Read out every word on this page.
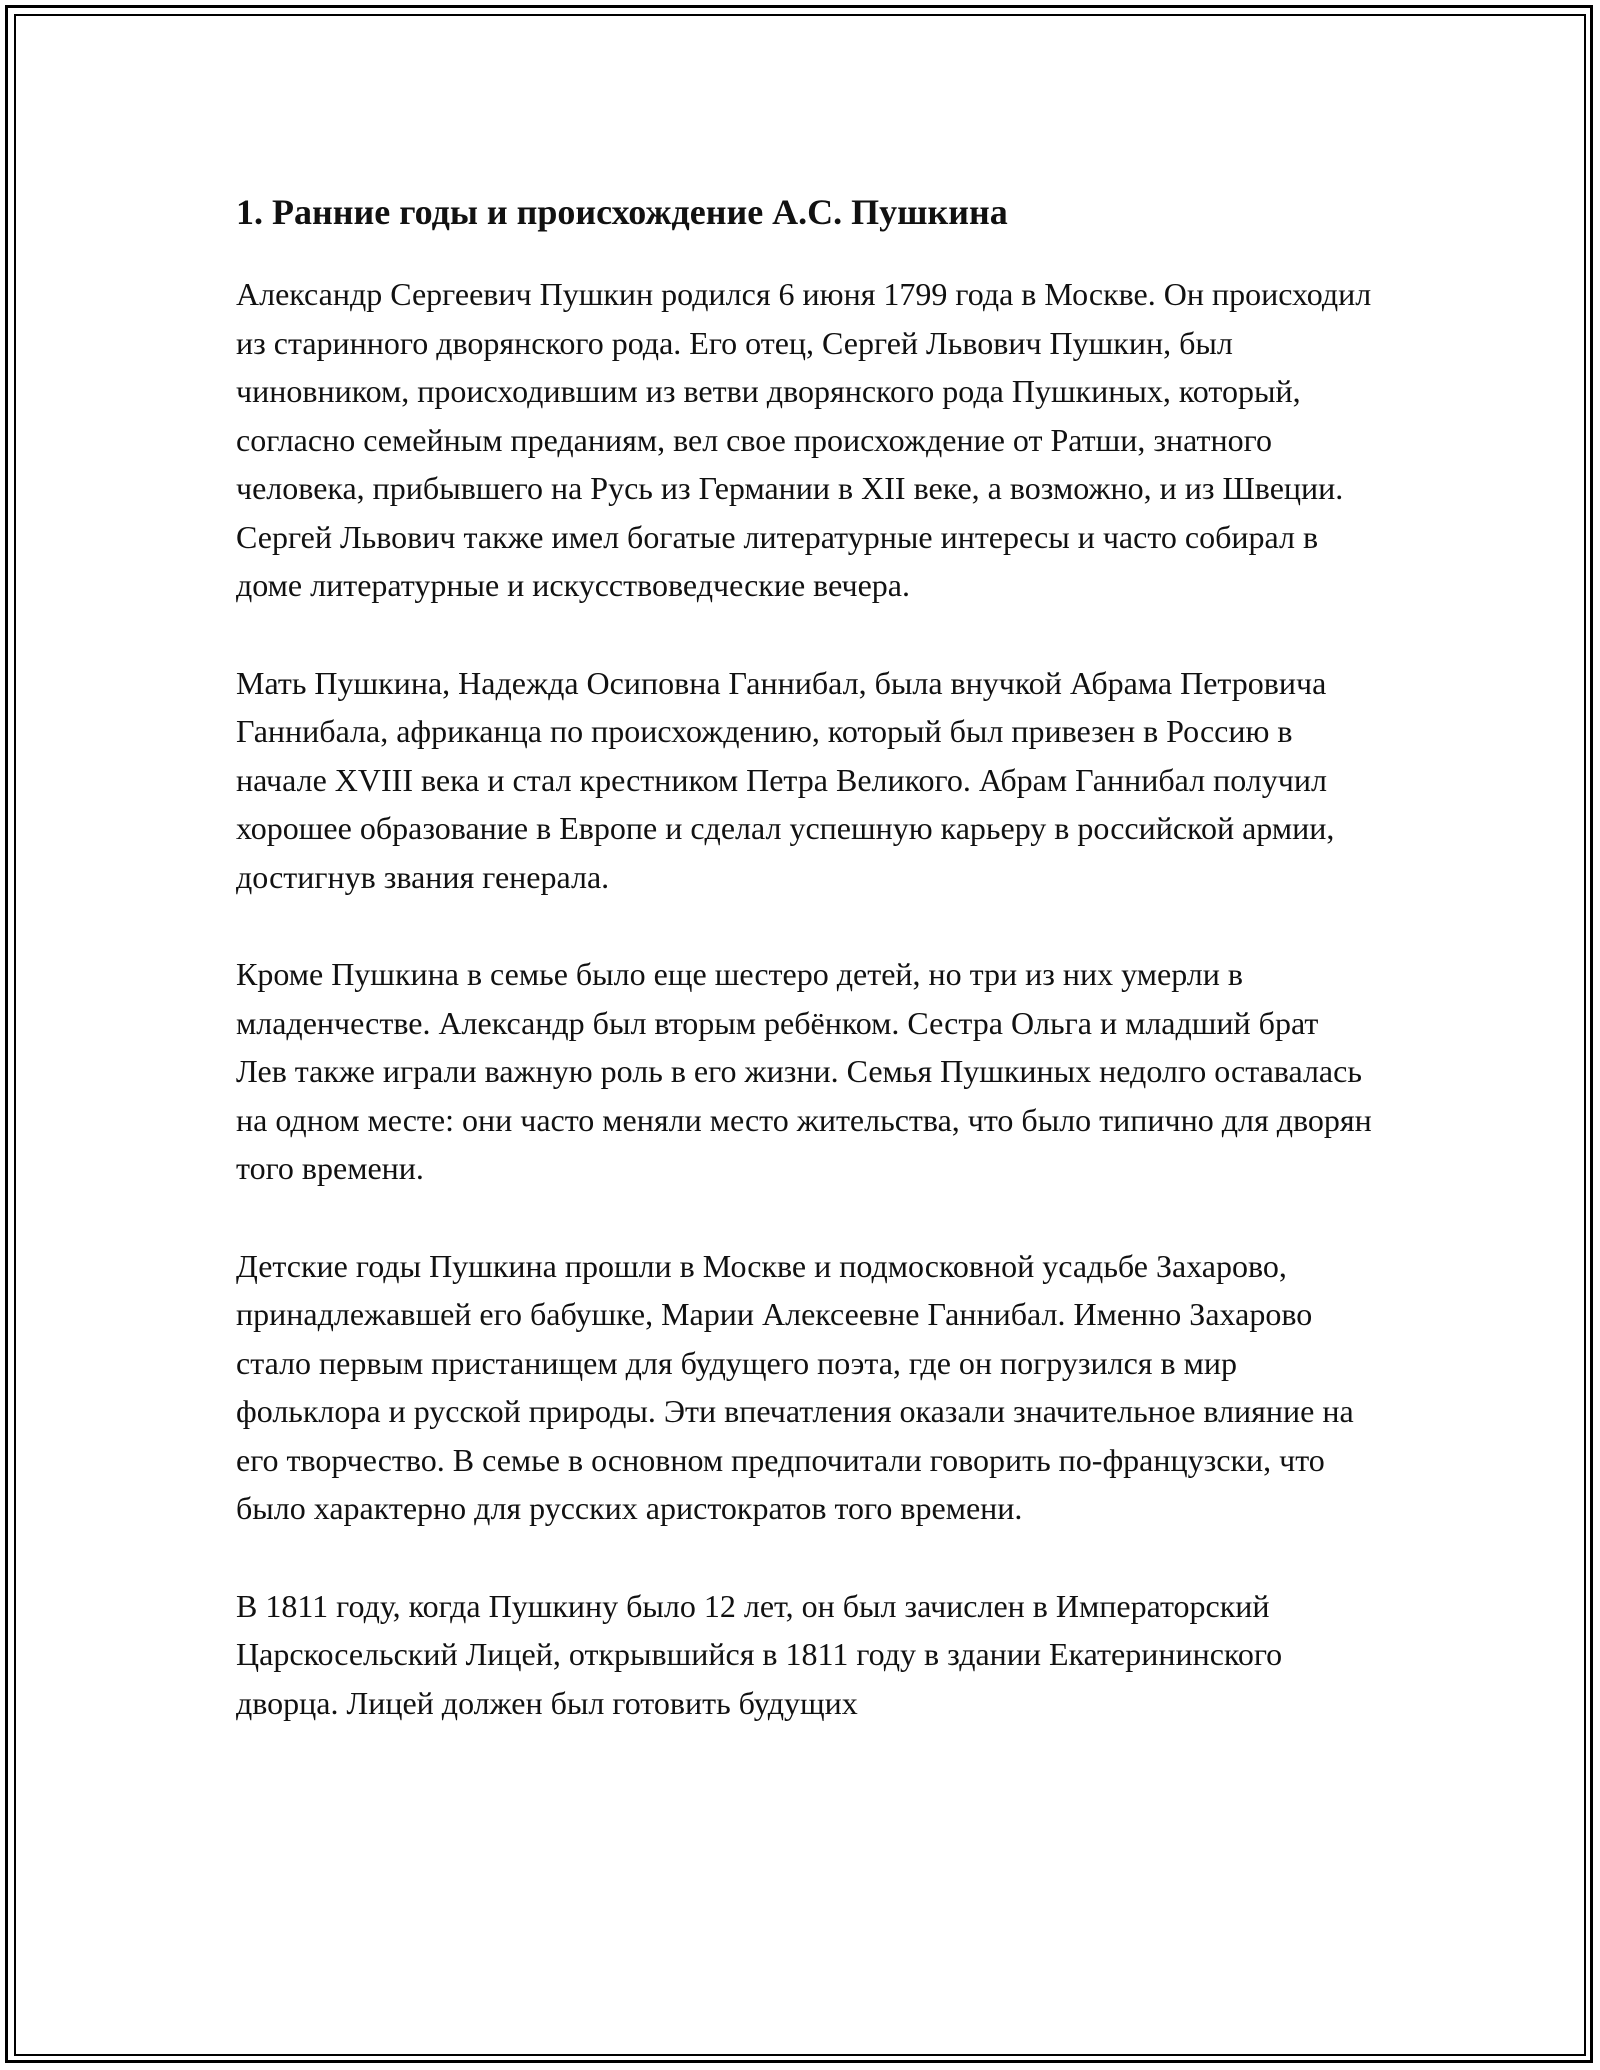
1. Ранние годы и происхождение А.С. Пушкина

Александр Сергеевич Пушкин родился 6 июня 1799 года в Москве. Он происходил из старинного дворянского рода. Его отец, Сергей Львович Пушкин, был чиновником, происходившим из ветви дворянского рода Пушкиных, который, согласно семейным преданиям, вел свое происхождение от Ратши, знатного человека, прибывшего на Русь из Германии в XII веке, а возможно, и из Швеции. Сергей Львович также имел богатые литературные интересы и часто собирал в доме литературные и искусствоведческие вечера.

Мать Пушкина, Надежда Осиповна Ганнибал, была внучкой Абрама Петровича Ганнибала, африканца по происхождению, который был привезен в Россию в начале XVIII века и стал крестником Петра Великого. Абрам Ганнибал получил хорошее образование в Европе и сделал успешную карьеру в российской армии, достигнув звания генерала.

Кроме Пушкина в семье было еще шестеро детей, но три из них умерли в младенчестве. Александр был вторым ребёнком. Сестра Ольга и младший брат Лев также играли важную роль в его жизни. Семья Пушкиных недолго оставалась на одном месте: они часто меняли место жительства, что было типично для дворян того времени.

Детские годы Пушкина прошли в Москве и подмосковной усадьбе Захарово, принадлежавшей его бабушке, Марии Алексеевне Ганнибал. Именно Захарово стало первым пристанищем для будущего поэта, где он погрузился в мир фольклора и русской природы. Эти впечатления оказали значительное влияние на его творчество. В семье в основном предпочитали говорить по-французски, что было характерно для русских аристократов того времени.

В 1811 году, когда Пушкину было 12 лет, он был зачислен в Императорский Царскосельский Лицей, открывшийся в 1811 году в здании Екатерининского дворца. Лицей должен был готовить будущих
